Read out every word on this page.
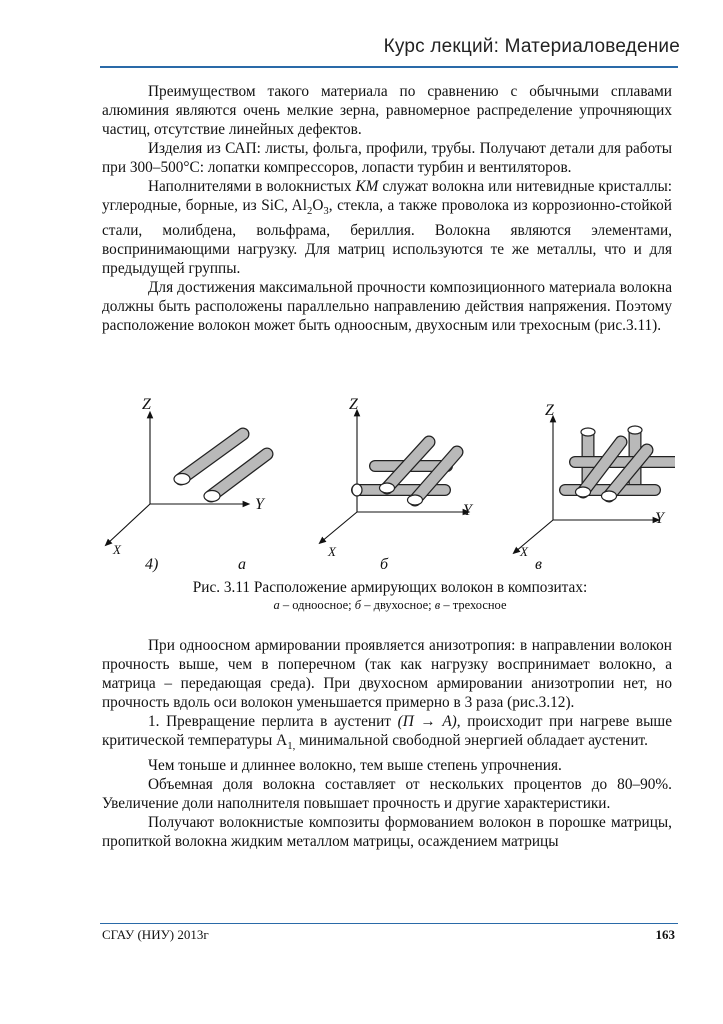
Курс лекций: Материаловедение

Преимуществом такого материала по сравнению с обычными сплавами алюминия являются очень мелкие зерна, равномерное распределение упрочняющих частиц, отсутствие линейных дефектов.

Изделия из САП: листы, фольга, профили, трубы. Получают детали для работы при 300–500°С: лопатки компрессоров, лопасти турбин и вентиляторов.

Наполнителями в волокнистых КМ служат волокна или нитевидные кристаллы: углеродные, борные, из SiC, $Al_2O_3$, стекла, а также проволока из коррозионно-стойкой стали, молибдена, вольфрама, бериллия. Волокна являются элементами, воспринимающими нагрузку. Для матриц используются те же металлы, что и для предыдущей группы.

Для достижения максимальной прочности композиционного материала волокна должны быть расположены параллельно направлению действия напряжения. Поэтому расположение волокон может быть одноосным, двухосным или трехосным (рис.3.11).

Z
Y
X
Z
Y
X
Z
Y
X
4)	а	б	в
Рис. 3.11 Расположение армирующих волокон в композитах:
а – одноосное; б – двухосное; в – трехосное

При одноосном армировании проявляется анизотропия: в направлении волокон прочность выше, чем в поперечном (так как нагрузку воспринимает волокно, а матрица – передающая среда). При двухосном армировании анизотропии нет, но прочность вдоль оси волокон уменьшается примерно в 3 раза (рис.3.12).

1. Превращение перлита в аустенит (П → А), происходит при нагреве выше критической температуры $А_{1,}$ минимальной свободной энергией обладает аустенит.

Чем тоньше и длиннее волокно, тем выше степень упрочнения.

Объемная доля волокна составляет от нескольких процентов до 80–90%. Увеличение доли наполнителя повышает прочность и другие характеристики.

Получают волокнистые композиты формованием волокон в порошке матрицы, пропиткой волокна жидким металлом матрицы, осаждением матрицы

СГАУ (НИУ) 2013г	163
